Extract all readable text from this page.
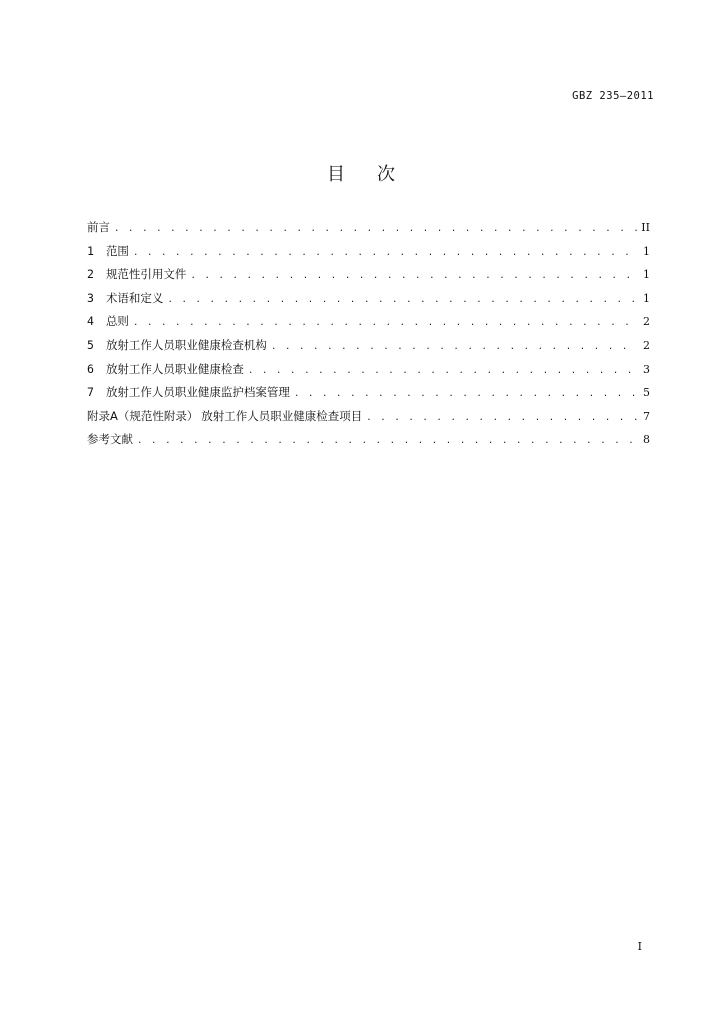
GBZ 235—2011
目 次
前言 . . .	II
1 范围 . . .	1
2 规范性引用文件 . . .	1
3 术语和定义 . . .	1
4 总则 . . .	2
5 放射工作人员职业健康检查机构 . . .	2
6 放射工作人员职业健康检查 . . .	3
7 放射工作人员职业健康监护档案管理 . . .	5
附录A（规范性附录） 放射工作人员职业健康检查项目 . . .	7
参考文献 . . .	8
I
